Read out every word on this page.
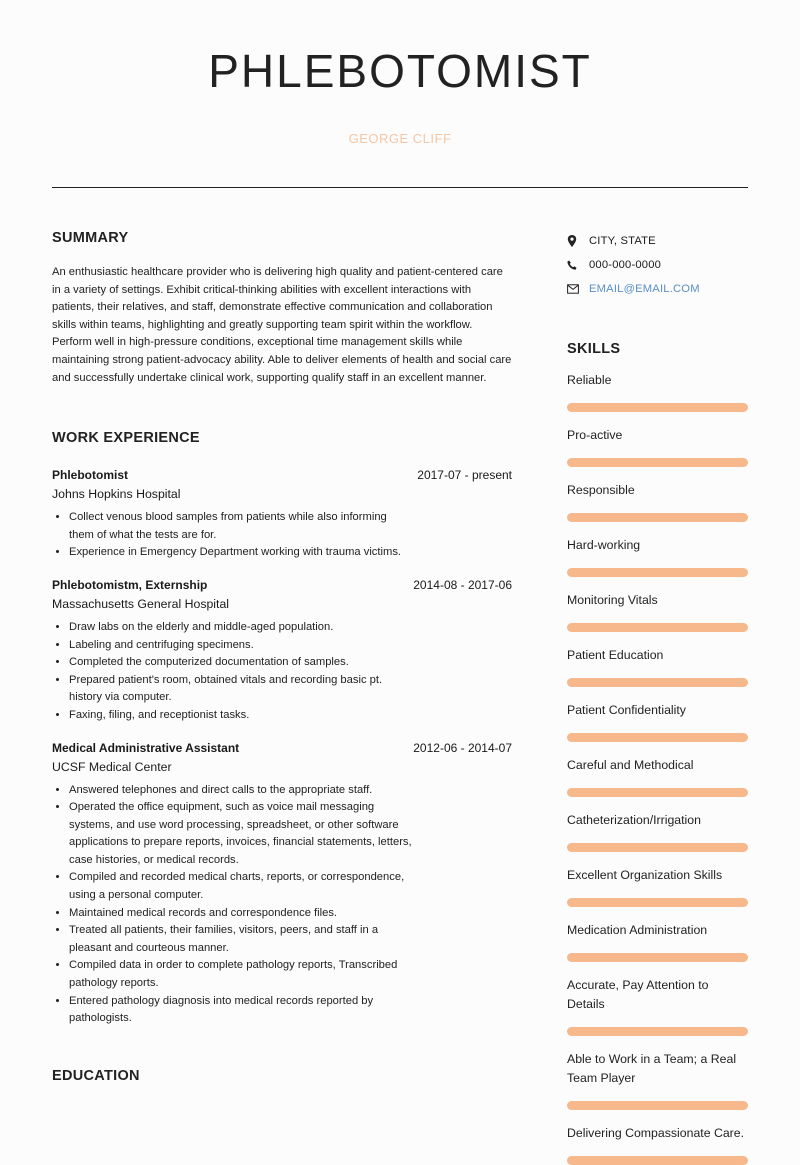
PHLEBOTOMIST
GEORGE CLIFF
SUMMARY
An enthusiastic healthcare provider who is delivering high quality and patient-centered care in a variety of settings. Exhibit critical-thinking abilities with excellent interactions with patients, their relatives, and staff, demonstrate effective communication and collaboration skills within teams, highlighting and greatly supporting team spirit within the workflow. Perform well in high-pressure conditions, exceptional time management skills while maintaining strong patient-advocacy ability. Able to deliver elements of health and social care and successfully undertake clinical work, supporting qualify staff in an excellent manner.
WORK EXPERIENCE
Phlebotomist	2017-07 - present
Johns Hopkins Hospital
• Collect venous blood samples from patients while also informing them of what the tests are for.
• Experience in Emergency Department working with trauma victims.
Phlebotomistm, Externship	2014-08 - 2017-06
Massachusetts General Hospital
• Draw labs on the elderly and middle-aged population.
• Labeling and centrifuging specimens.
• Completed the computerized documentation of samples.
• Prepared patient's room, obtained vitals and recording basic pt. history via computer.
• Faxing, filing, and receptionist tasks.
Medical Administrative Assistant	2012-06 - 2014-07
UCSF Medical Center
• Answered telephones and direct calls to the appropriate staff.
• Operated the office equipment, such as voice mail messaging systems, and use word processing, spreadsheet, or other software applications to prepare reports, invoices, financial statements, letters, case histories, or medical records.
• Compiled and recorded medical charts, reports, or correspondence, using a personal computer.
• Maintained medical records and correspondence files.
• Treated all patients, their families, visitors, peers, and staff in a pleasant and courteous manner.
• Compiled data in order to complete pathology reports, Transcribed pathology reports.
• Entered pathology diagnosis into medical records reported by pathologists.
EDUCATION
CITY, STATE
000-000-0000
EMAIL@EMAIL.COM
SKILLS
Reliable
Pro-active
Responsible
Hard-working
Monitoring Vitals
Patient Education
Patient Confidentiality
Careful and Methodical
Catheterization/Irrigation
Excellent Organization Skills
Medication Administration
Accurate, Pay Attention to Details
Able to Work in a Team; a Real Team Player
Delivering Compassionate Care.
